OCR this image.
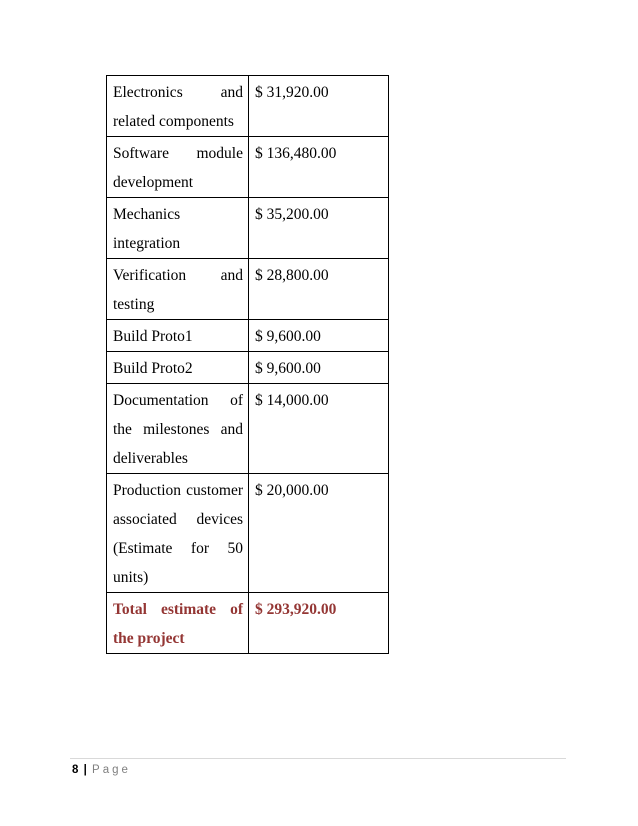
Electronics and related components	$ 31,920.00
Software module development	$ 136,480.00
Mechanics integration	$ 35,200.00
Verification and testing	$ 28,800.00
Build Proto1	$ 9,600.00
Build Proto2	$ 9,600.00
Documentation of the milestones and deliverables	$ 14,000.00
Production customer associated devices (Estimate for 50 units)	$ 20,000.00
Total estimate of the project	$ 293,920.00
8 | Page
